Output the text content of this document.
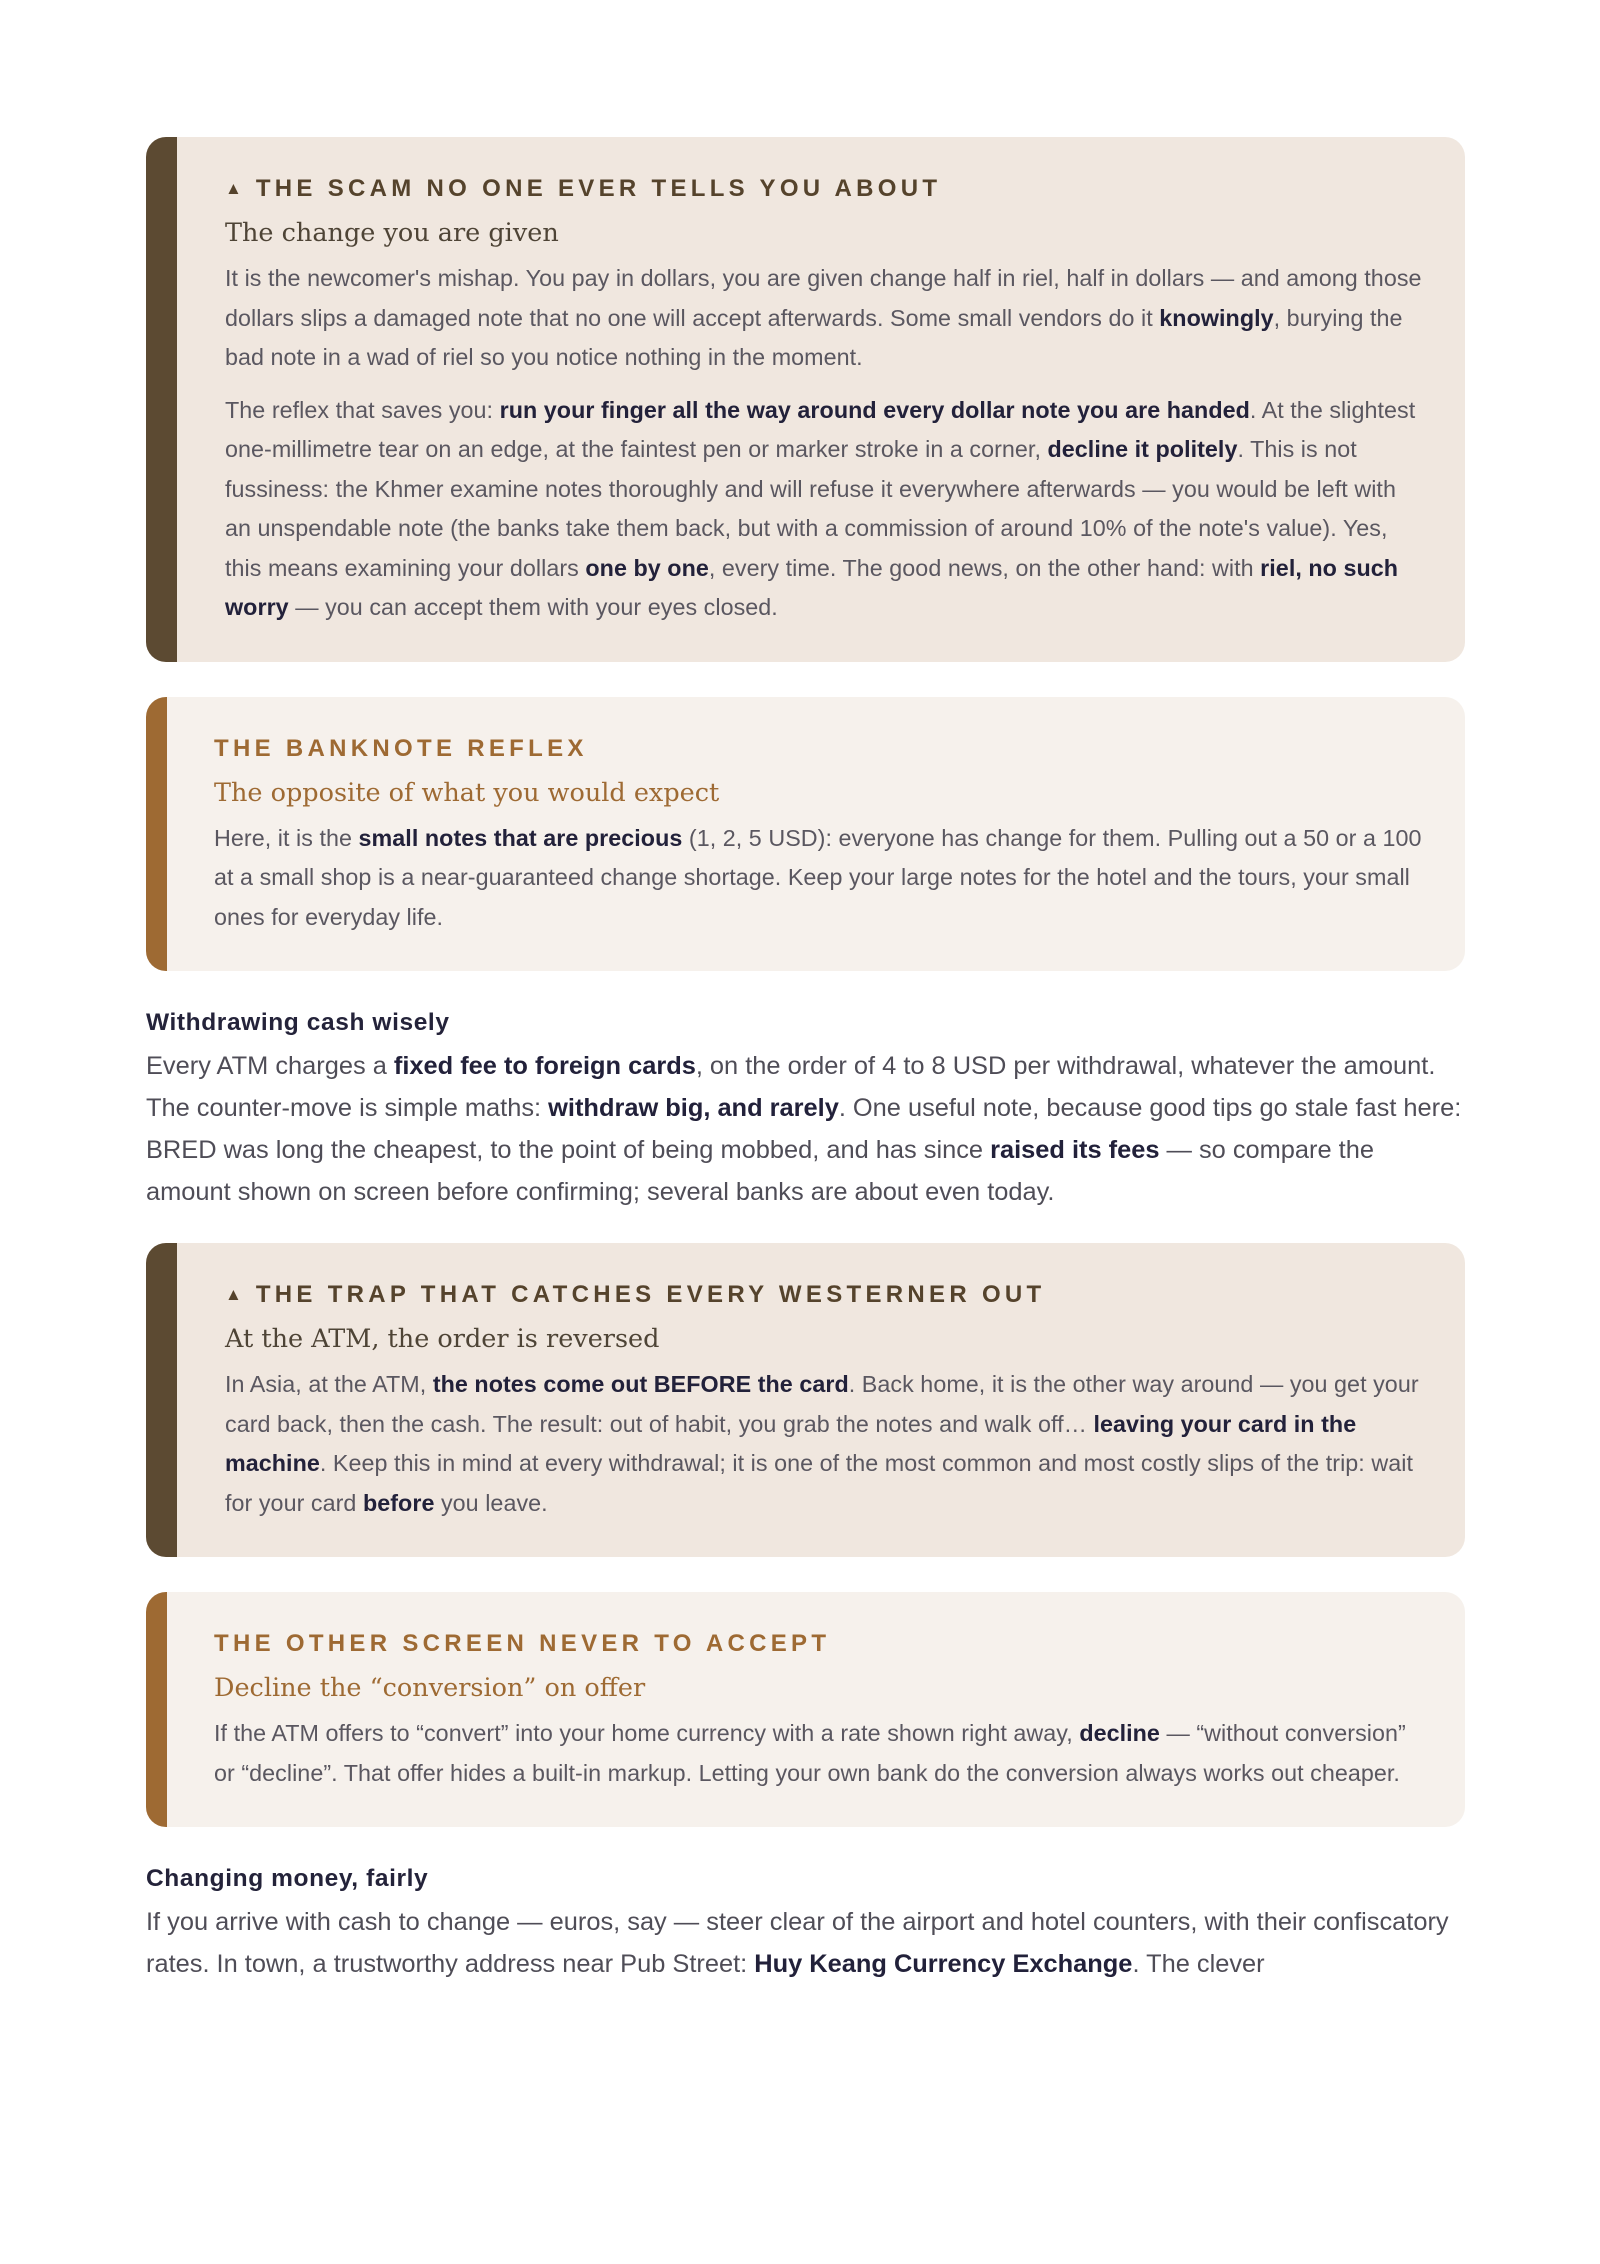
▲ THE SCAM NO ONE EVER TELLS YOU ABOUT

The change you are given

It is the newcomer's mishap. You pay in dollars, you are given change half in riel, half in dollars — and among those dollars slips a damaged note that no one will accept afterwards. Some small vendors do it knowingly, burying the bad note in a wad of riel so you notice nothing in the moment.

The reflex that saves you: run your finger all the way around every dollar note you are handed. At the slightest one-millimetre tear on an edge, at the faintest pen or marker stroke in a corner, decline it politely. This is not fussiness: the Khmer examine notes thoroughly and will refuse it everywhere afterwards — you would be left with an unspendable note (the banks take them back, but with a commission of around 10% of the note's value). Yes, this means examining your dollars one by one, every time. The good news, on the other hand: with riel, no such worry — you can accept them with your eyes closed.

THE BANKNOTE REFLEX

The opposite of what you would expect

Here, it is the small notes that are precious (1, 2, 5 USD): everyone has change for them. Pulling out a 50 or a 100 at a small shop is a near-guaranteed change shortage. Keep your large notes for the hotel and the tours, your small ones for everyday life.

Withdrawing cash wisely

Every ATM charges a fixed fee to foreign cards, on the order of 4 to 8 USD per withdrawal, whatever the amount. The counter-move is simple maths: withdraw big, and rarely. One useful note, because good tips go stale fast here: BRED was long the cheapest, to the point of being mobbed, and has since raised its fees — so compare the amount shown on screen before confirming; several banks are about even today.

▲ THE TRAP THAT CATCHES EVERY WESTERNER OUT

At the ATM, the order is reversed

In Asia, at the ATM, the notes come out BEFORE the card. Back home, it is the other way around — you get your card back, then the cash. The result: out of habit, you grab the notes and walk off… leaving your card in the machine. Keep this in mind at every withdrawal; it is one of the most common and most costly slips of the trip: wait for your card before you leave.

THE OTHER SCREEN NEVER TO ACCEPT

Decline the “conversion” on offer

If the ATM offers to “convert” into your home currency with a rate shown right away, decline — “without conversion” or “decline”. That offer hides a built-in markup. Letting your own bank do the conversion always works out cheaper.

Changing money, fairly

If you arrive with cash to change — euros, say — steer clear of the airport and hotel counters, with their confiscatory rates. In town, a trustworthy address near Pub Street: Huy Keang Currency Exchange. The clever
